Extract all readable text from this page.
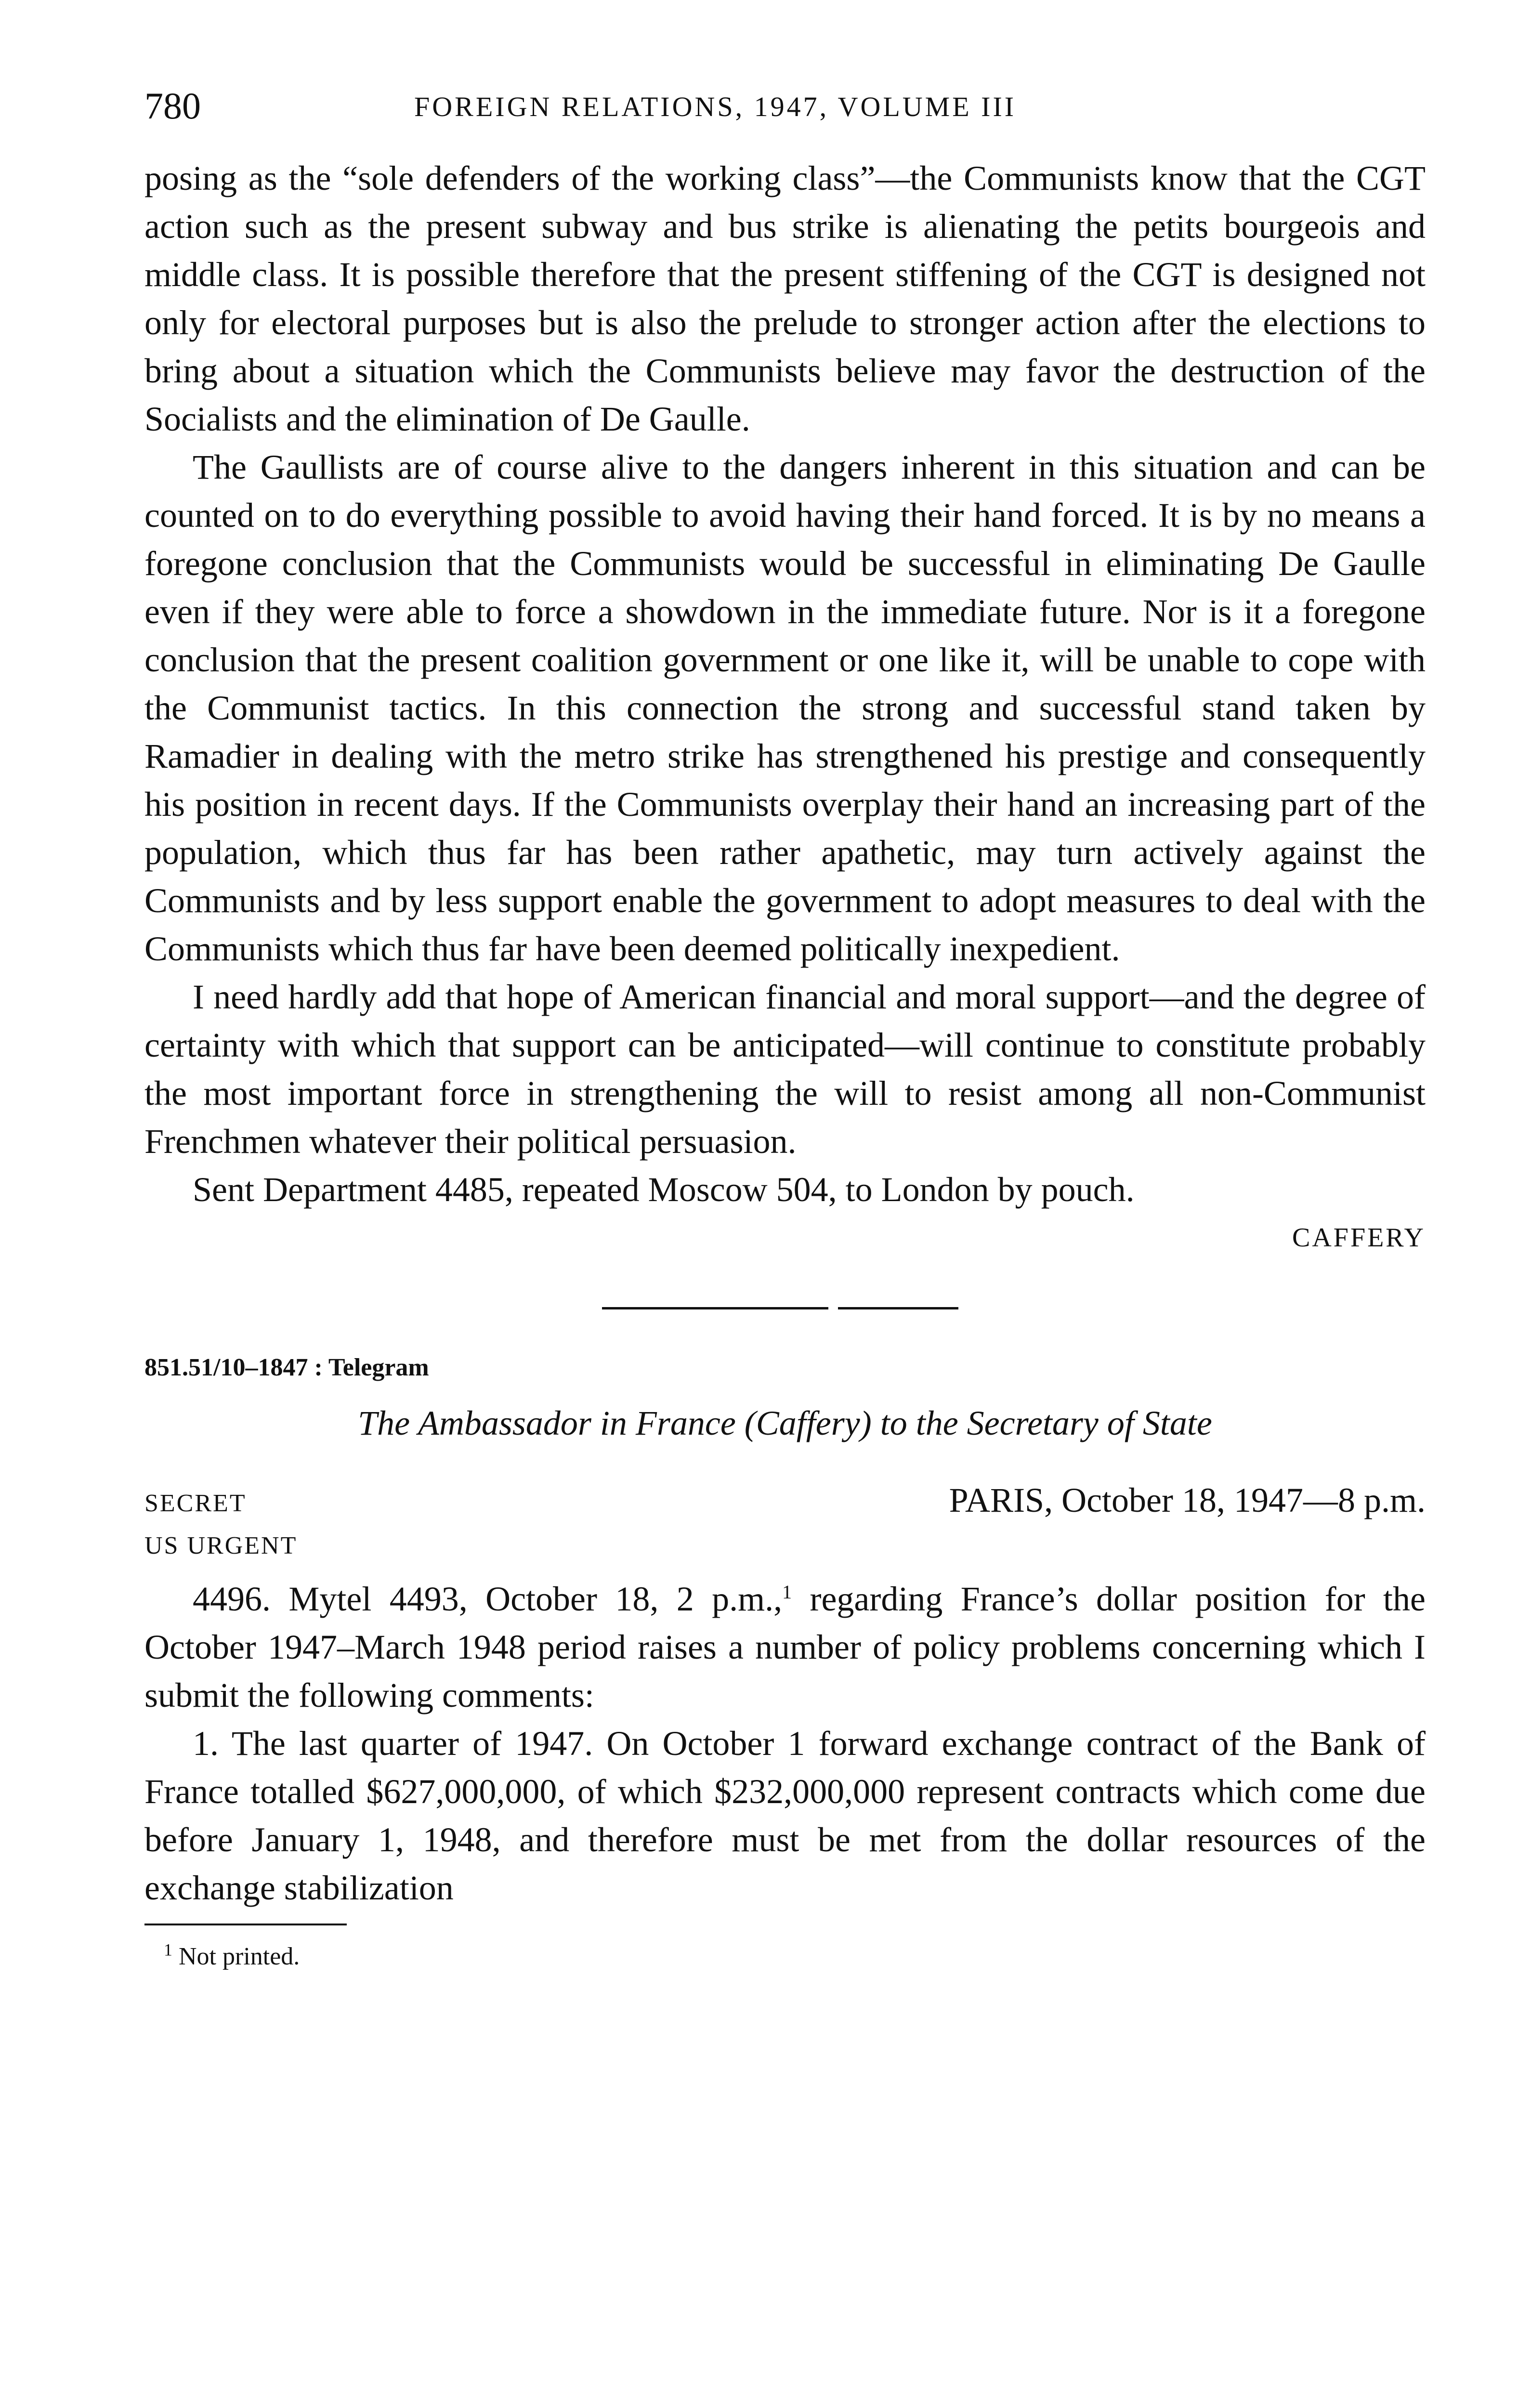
780	FOREIGN RELATIONS, 1947, VOLUME III

posing as the “sole defenders of the working class”—the Communists know that the CGT action such as the present subway and bus strike is alienating the petits bourgeois and middle class. It is possible therefore that the present stiffening of the CGT is designed not only for electoral purposes but is also the prelude to stronger action after the elections to bring about a situation which the Communists believe may favor the destruction of the Socialists and the elimination of De Gaulle.

The Gaullists are of course alive to the dangers inherent in this situation and can be counted on to do everything possible to avoid having their hand forced. It is by no means a foregone conclusion that the Communists would be successful in eliminating De Gaulle even if they were able to force a showdown in the immediate future. Nor is it a foregone conclusion that the present coalition government or one like it, will be unable to cope with the Communist tactics. In this connection the strong and successful stand taken by Ramadier in dealing with the metro strike has strengthened his prestige and consequently his position in recent days. If the Communists overplay their hand an increasing part of the population, which thus far has been rather apathetic, may turn actively against the Communists and by less support enable the government to adopt measures to deal with the Communists which thus far have been deemed politically inexpedient.

I need hardly add that hope of American financial and moral support—and the degree of certainty with which that support can be anticipated—will continue to constitute probably the most important force in strengthening the will to resist among all non-Communist Frenchmen whatever their political persuasion.

Sent Department 4485, repeated Moscow 504, to London by pouch.

CAFFERY
851.51/10–1847 : Telegram
The Ambassador in France (Caffery) to the Secretary of State
SECRET	PARIS, October 18, 1947—8 p.m.
US URGENT

4496. Mytel 4493, October 18, 2 p.m.,$^1$ regarding France’s dollar position for the October 1947–March 1948 period raises a number of policy problems concerning which I submit the following comments:

1. The last quarter of 1947. On October 1 forward exchange contract of the Bank of France totalled $627,000,000, of which $232,000,000 represent contracts which come due before January 1, 1948, and therefore must be met from the dollar resources of the exchange stabilization

$^1$ Not printed.
